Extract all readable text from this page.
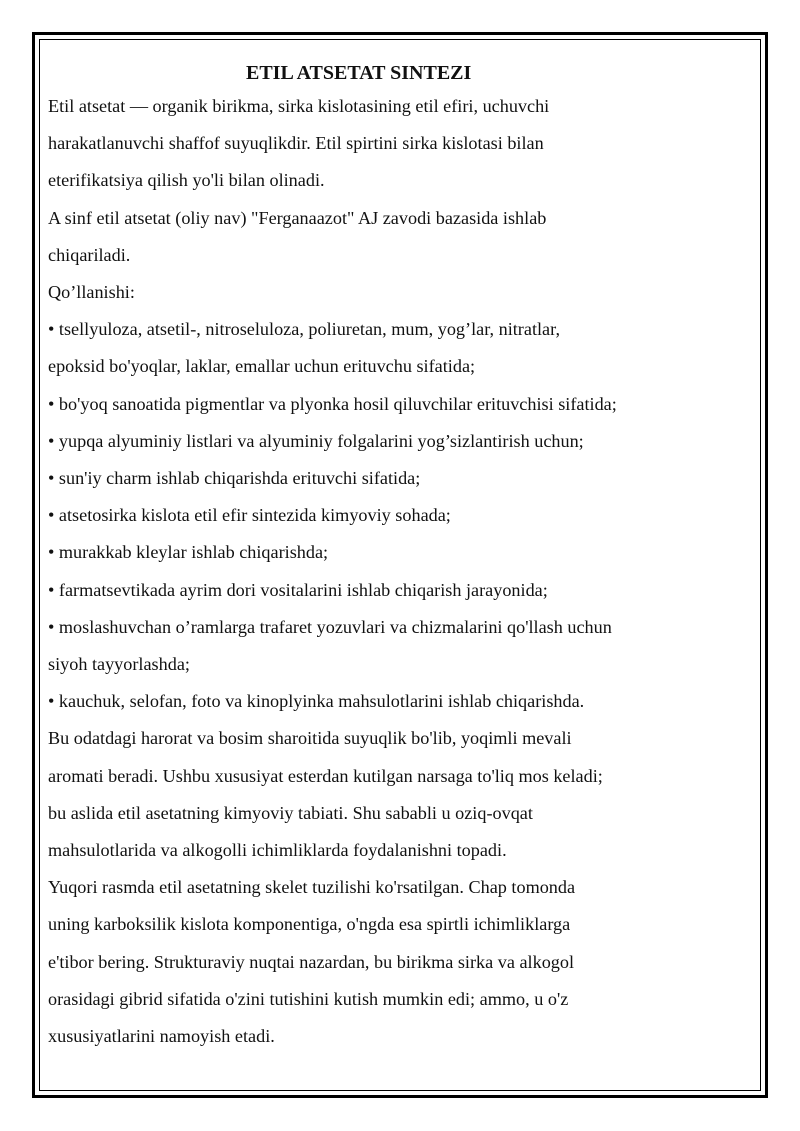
ETIL ATSETAT SINTEZI

Etil atsetat — organik birikma, sirka kislotasining etil efiri, uchuvchi

harakatlanuvchi shaffof suyuqlikdir. Etil spirtini sirka kislotasi bilan

eterifikatsiya qilish yo'li bilan olinadi.

A sinf etil atsetat (oliy nav) "Ferganaazot" AJ zavodi bazasida ishlab

chiqariladi.

Qo’llanishi:

• tsellyuloza, atsetil-, nitroseluloza, poliuretan, mum, yog’lar, nitratlar,

epoksid bo'yoqlar, laklar, emallar uchun erituvchu sifatida;

• bo'yoq sanoatida pigmentlar va plyonka hosil qiluvchilar erituvchisi sifatida;

• yupqa alyuminiy listlari va alyuminiy folgalarini yog’sizlantirish uchun;

• sun'iy charm ishlab chiqarishda erituvchi sifatida;

• atsetosirka kislota etil efir sintezida kimyoviy sohada;

• murakkab kleylar ishlab chiqarishda;

• farmatsevtikada ayrim dori vositalarini ishlab chiqarish jarayonida;

• moslashuvchan o’ramlarga trafaret yozuvlari va chizmalarini qo'llash uchun

siyoh tayyorlashda;

• kauchuk, selofan, foto va kinoplyinka mahsulotlarini ishlab chiqarishda.

Bu odatdagi harorat va bosim sharoitida suyuqlik bo'lib, yoqimli mevali

aromati beradi. Ushbu xususiyat esterdan kutilgan narsaga to'liq mos keladi;

bu aslida etil asetatning kimyoviy tabiati. Shu sababli u oziq-ovqat

mahsulotlarida va alkogolli ichimliklarda foydalanishni topadi.

Yuqori rasmda etil asetatning skelet tuzilishi ko'rsatilgan. Chap tomonda

uning karboksilik kislota komponentiga, o'ngda esa spirtli ichimliklarga

e'tibor bering. Strukturaviy nuqtai nazardan, bu birikma sirka va alkogol

orasidagi gibrid sifatida o'zini tutishini kutish mumkin edi; ammo, u o'z

xususiyatlarini namoyish etadi.
